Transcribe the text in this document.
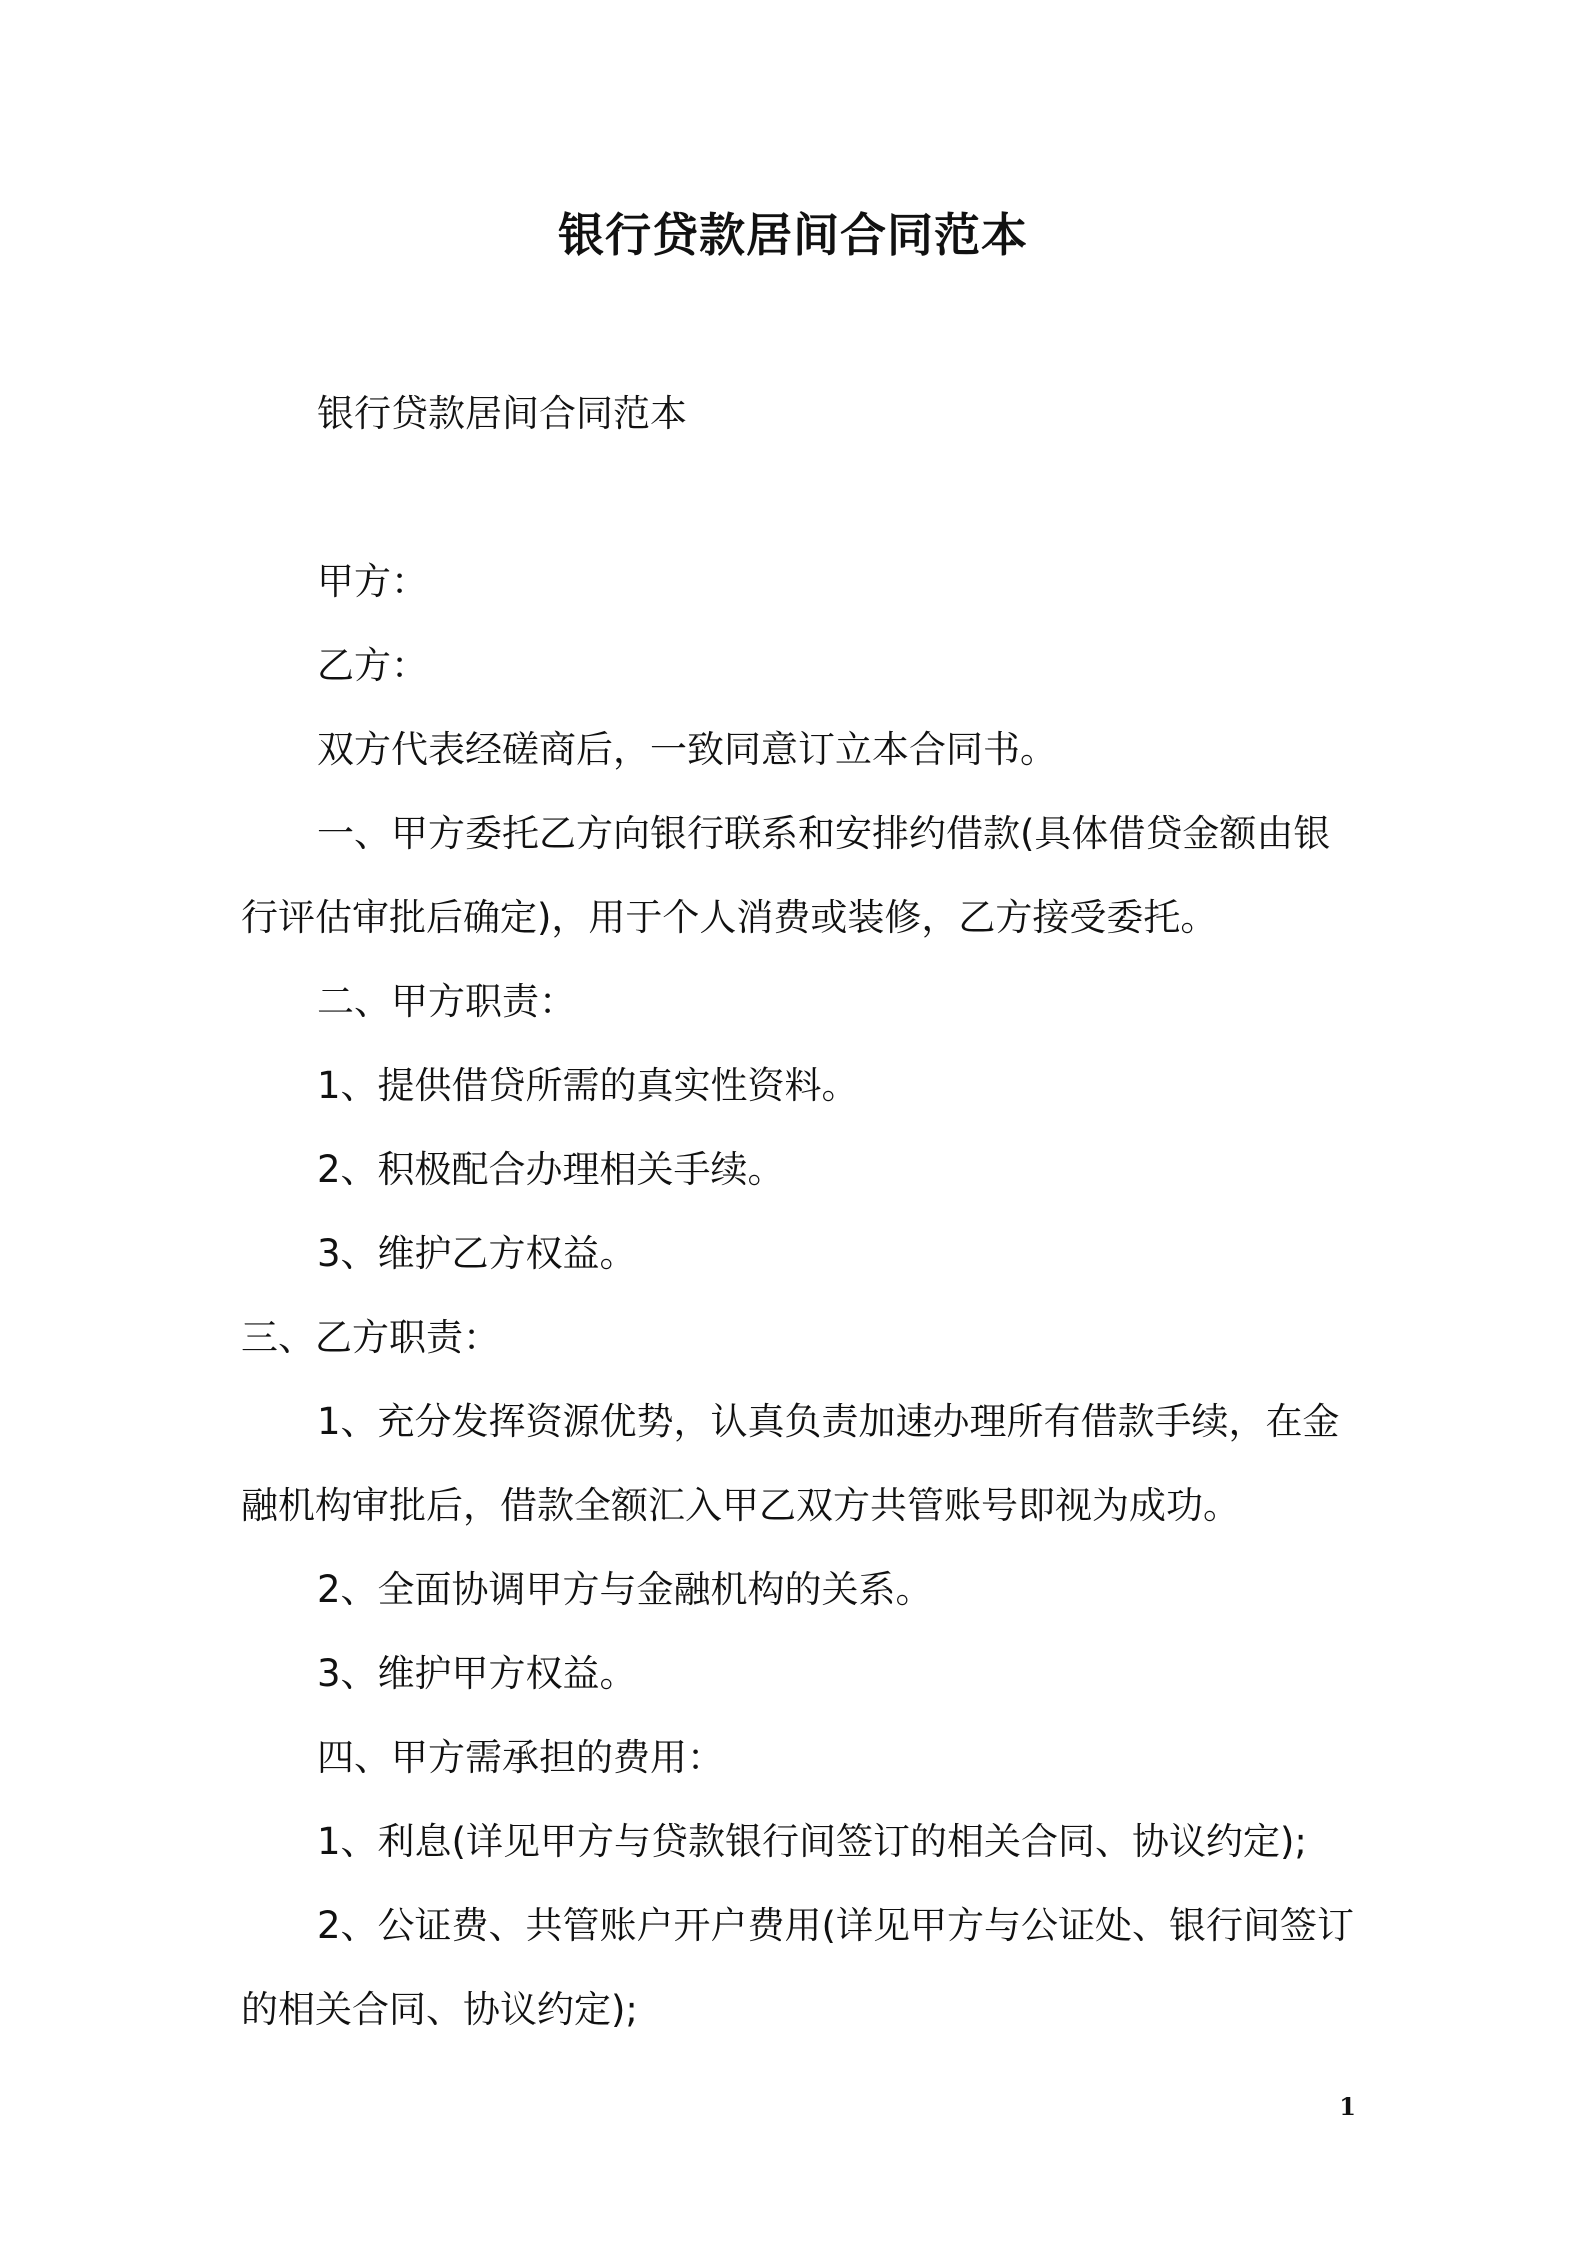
银行贷款居间合同范本

银行贷款居间合同范本

甲方：

乙方：

双方代表经磋商后，一致同意订立本合同书。

一、甲方委托乙方向银行联系和安排约借款(具体借贷金额由银行评估审批后确定)，用于个人消费或装修，乙方接受委托。

二、甲方职责：

1、提供借贷所需的真实性资料。

2、积极配合办理相关手续。

3、维护乙方权益。

三、乙方职责：

1、充分发挥资源优势，认真负责加速办理所有借款手续，在金融机构审批后，借款全额汇入甲乙双方共管账号即视为成功。

2、全面协调甲方与金融机构的关系。

3、维护甲方权益。

四、甲方需承担的费用：

1、利息(详见甲方与贷款银行间签订的相关合同、协议约定);

2、公证费、共管账户开户费用(详见甲方与公证处、银行间签订的相关合同、协议约定);

1
